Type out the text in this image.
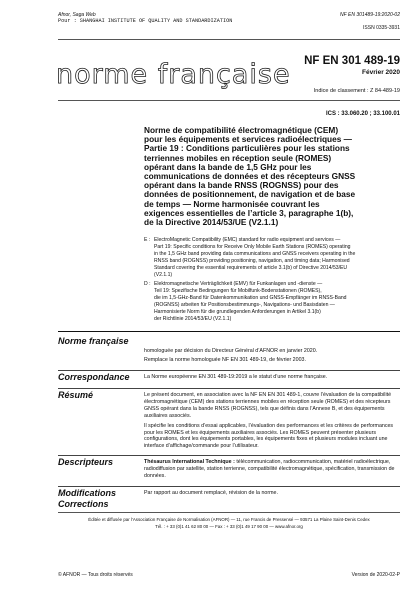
Afnor, Saga Web
Pour : SHANGHAI INSTITUTE OF QUALITY AND STANDARDIZATION
NF EN 301489-19:2020-02
ISSN 0335-3931
norme française NF EN 301 489-19
Février 2020
Indice de classement : Z 84-489-19
ICS : 33.060.20 ; 33.100.01
Norme de compatibilité électromagnétique (CEM)
pour les équipements et services radioélectriques —
Partie 19 : Conditions particulières pour les stations
terriennes mobiles en réception seule (ROMES)
opérant dans la bande de 1,5 GHz pour les
communications de données et des récepteurs GNSS
opérant dans la bande RNSS (ROGNSS) pour des
données de positionnement, de navigation et de base
de temps — Norme harmonisée couvrant les
exigences essentielles de l’article 3, paragraphe 1(b),
de la Directive 2014/53/UE (V2.1.1)
E : ElectroMagnetic Compatibility (EMC) standard for radio equipment and services —
Part 19: Specific conditions for Receive Only Mobile Earth Stations (ROMES) operating
in the 1,5 GHz band providing data communications and GNSS receivers operating in the
RNSS band (ROGNSS) providing positioning, navigation, and timing data; Harmonised
Standard covering the essential requirements of article 3.1(b) of Directive 2014/53/EU
(V2.1.1)
D : Elektromagnetische Verträglichkeit (EMV) für Funkanlagen und -dienste —
Teil 19: Spezifische Bedingungen für Mobilfunk-Bodenstationen (ROMES),
die im 1,5-GHz-Band für Datenkommunikation und GNSS-Empfänger im RNSS-Band
(ROGNSS) arbeiten für Positionsbestimmungs-, Navigations- und Basisdaten —
Harmonisierte Norm für die grundlegenden Anforderungen in Artikel 3.1(b)
der Richtlinie 2014/53/EU (V2.1.1)
Norme française

homologuée par décision du Directeur Général d’AFNOR en janvier 2020.

Remplace la norme homologuée NF EN 301 489-19, de février 2003.

Correspondance	La Norme européenne EN 301 489-19:2019 a le statut d’une norme française.

Résumé	Le présent document, en association avec la NF EN EN 301 489-1, couvre l’évaluation de la compatibilité électromagnétique (CEM) des stations terriennes mobiles en réception seule (ROMES) et des récepteurs GNSS opérant dans la bande RNSS (ROGNSS), tels que définis dans l’Annexe B, et des équipements auxiliaires associés.

Il spécifie les conditions d’essai applicables, l’évaluation des performances et les critères de performances pour les ROMES et les équipements auxiliaires associés. Les ROMES peuvent présenter plusieurs configurations, dont les équipements portables, les équipements fixes et plusieurs modules incluant une interface d’affichage/commande pour l’utilisateur.

Descripteurs	Thésaurus International Technique : télécommunication, radiocommunication, matériel radioélectrique, radiodiffusion par satellite, station terrienne, compatibilité électromagnétique, spécification, transmission de données.

Modifications
Corrections

Par rapport au document remplacé, révision de la norme.

Éditée et diffusée par l’Association Française de Normalisation (AFNOR) — 11, rue Francis de Pressensé — 93571 La Plaine Saint-Denis Cedex
Tél. : + 33 (0)1 41 62 80 00 — Fax : + 33 (0)1 49 17 90 00 — www.afnor.org
© AFNOR — Tous droits réservés	Version de 2020-02-P
